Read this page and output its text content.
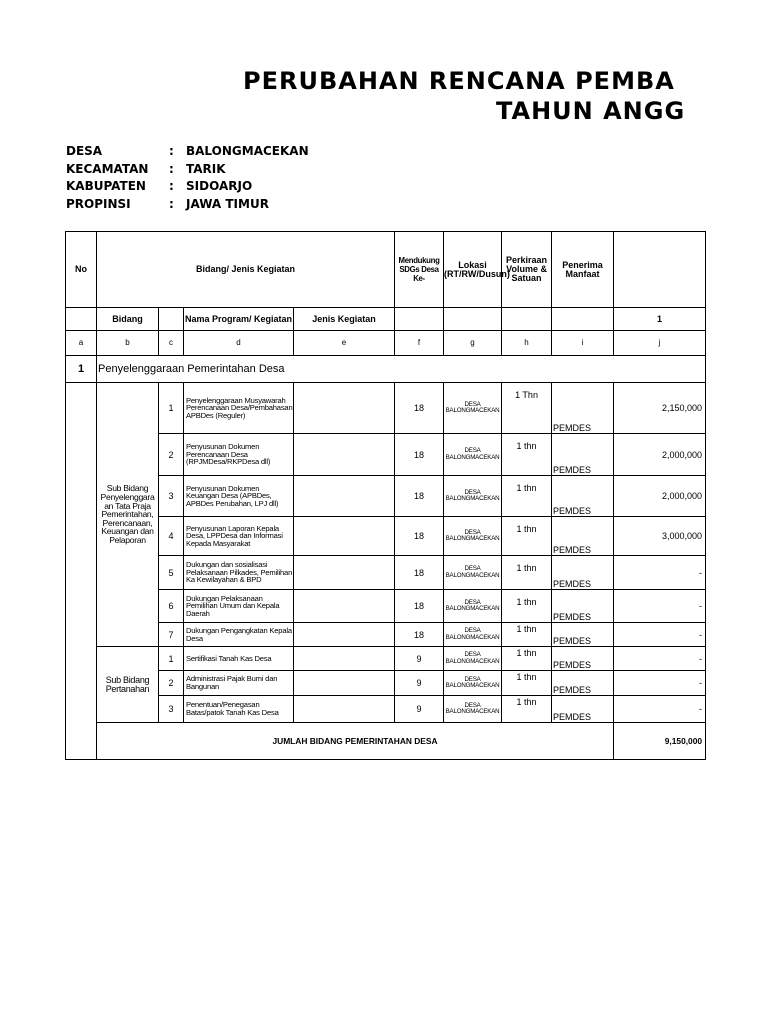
PERUBAHAN RENCANA PEMBA
TAHUN ANGG
DESA	: BALONGMACEKAN
KECAMATAN : TARIK
KABUPATEN : SIDOARJO
PROPINSI	: JAWA TIMUR
No	Bidang/ Jenis Kegiatan				Mendukung SDGs Desa Ke-	Lokasi (RT/RW/Dusun)	Perkiraan Volume & Satuan	Penerima Manfaat	
	Bidang		Nama Program/ Kegiatan	Jenis Kegiatan					1
a	b	c	d	e	f	g	h	i	j
1	Penyelenggaraan Pemerintahan Desa								
	Sub Bidang Penyelenggara an Tata Praja Pemerintahan, Perencanaan, Keuangan dan Pelaporan	1	Penyelenggaraan Musyawarah Perencanaan Desa/Pembahasan APBDes (Reguler)		18	DESA BALONGMACEKAN	1 Thn	PEMDES	2,150,000
		2	Penyusunan Dokumen Perencanaan Desa (RPJMDesa/RKPDesa dll)		18	DESA BALONGMACEKAN	1 thn	PEMDES	2,000,000
		3	Penyusunan Dokumen Keuangan Desa (APBDes, APBDes Perubahan, LPJ dll)		18	DESA BALONGMACEKAN	1 thn	PEMDES	2,000,000
		4	Penyusunan Laporan Kepala Desa, LPPDesa dan Informasi Kepada Masyarakat		18	DESA BALONGMACEKAN	1 thn	PEMDES	3,000,000
		5	Dukungan dan sosialisasi Pelaksanaan Pilkades, Pemilihan Ka Kewilayahan & BPD		18	DESA BALONGMACEKAN	1 thn	PEMDES	-
		6	Dukungan Pelaksanaan Pemilihan Umum dan Kepala Daerah		18	DESA BALONGMACEKAN	1 thn	PEMDES	-
		7	Dukungan Pengangkatan Kepala Desa		18	DESA BALONGMACEKAN	1 thn	PEMDES	-
	Sub Bidang Pertanahan	1	Sertifikasi Tanah Kas Desa		9	DESA BALONGMACEKAN	1 thn	PEMDES	-
		2	Administrasi Pajak Bumi dan Bangunan		9	DESA BALONGMACEKAN	1 thn	PEMDES	-
		3	Penentuan/Penegasan Batas/patok Tanah Kas Desa		9	DESA BALONGMACEKAN	1 thn	PEMDES	-
	JUMLAH BIDANG PEMERINTAHAN DESA								9,150,000
